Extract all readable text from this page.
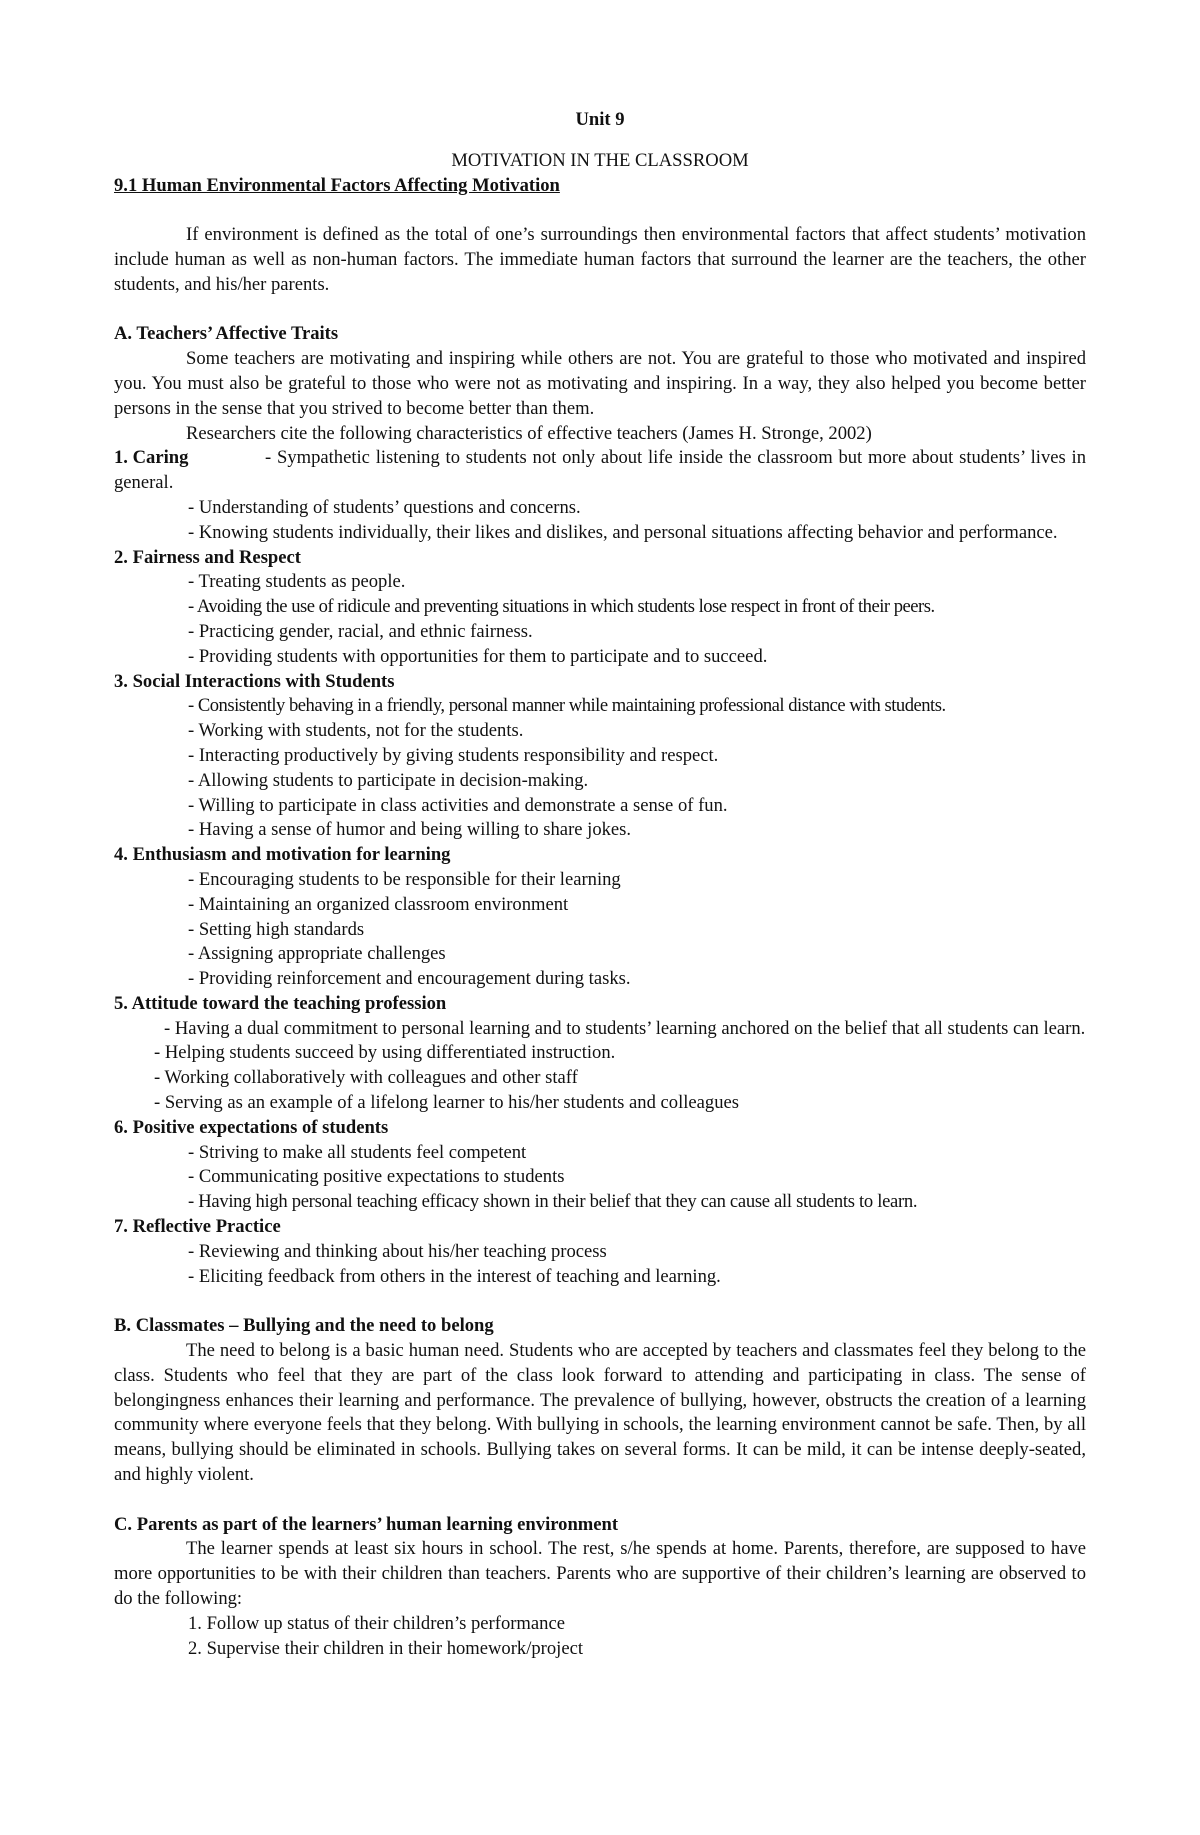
Unit 9

MOTIVATION IN THE CLASSROOM

9.1 Human Environmental Factors Affecting Motivation

If environment is defined as the total of one’s surroundings then environmental factors that affect students’ motivation include human as well as non-human factors. The immediate human factors that surround the learner are the teachers, the other students, and his/her parents.

A. Teachers’ Affective Traits

Some teachers are motivating and inspiring while others are not. You are grateful to those who motivated and inspired you. You must also be grateful to those who were not as motivating and inspiring. In a way, they also helped you become better persons in the sense that you strived to become better than them.

Researchers cite the following characteristics of effective teachers (James H. Stronge, 2002)

1. Caring	- Sympathetic listening to students not only about life inside the classroom but more about students’ lives in general.

- Understanding of students’ questions and concerns.

- Knowing students individually, their likes and dislikes, and personal situations affecting behavior and performance.

2. Fairness and Respect

- Treating students as people.

- Avoiding the use of ridicule and preventing situations in which students lose respect in front of their peers.

- Practicing gender, racial, and ethnic fairness.

- Providing students with opportunities for them to participate and to succeed.

3. Social Interactions with Students

- Consistently behaving in a friendly, personal manner while maintaining professional distance with students.

- Working with students, not for the students.

- Interacting productively by giving students responsibility and respect.

- Allowing students to participate in decision-making.

- Willing to participate in class activities and demonstrate a sense of fun.

- Having a sense of humor and being willing to share jokes.

4. Enthusiasm and motivation for learning

- Encouraging students to be responsible for their learning

- Maintaining an organized classroom environment

- Setting high standards

- Assigning appropriate challenges

- Providing reinforcement and encouragement during tasks.

5. Attitude toward the teaching profession

- Having a dual commitment to personal learning and to students’ learning anchored on the belief that all students can learn.

- Helping students succeed by using differentiated instruction.

- Working collaboratively with colleagues and other staff

- Serving as an example of a lifelong learner to his/her students and colleagues

6. Positive expectations of students

- Striving to make all students feel competent

- Communicating positive expectations to students

- Having high personal teaching efficacy shown in their belief that they can cause all students to learn.

7. Reflective Practice

- Reviewing and thinking about his/her teaching process

- Eliciting feedback from others in the interest of teaching and learning.

B. Classmates – Bullying and the need to belong

The need to belong is a basic human need. Students who are accepted by teachers and classmates feel they belong to the class. Students who feel that they are part of the class look forward to attending and participating in class. The sense of belongingness enhances their learning and performance. The prevalence of bullying, however, obstructs the creation of a learning community where everyone feels that they belong. With bullying in schools, the learning environment cannot be safe. Then, by all means, bullying should be eliminated in schools. Bullying takes on several forms. It can be mild, it can be intense deeply-seated, and highly violent.

C. Parents as part of the learners’ human learning environment

The learner spends at least six hours in school. The rest, s/he spends at home. Parents, therefore, are supposed to have more opportunities to be with their children than teachers. Parents who are supportive of their children’s learning are observed to do the following:

1. Follow up status of their children’s performance

2. Supervise their children in their homework/project
